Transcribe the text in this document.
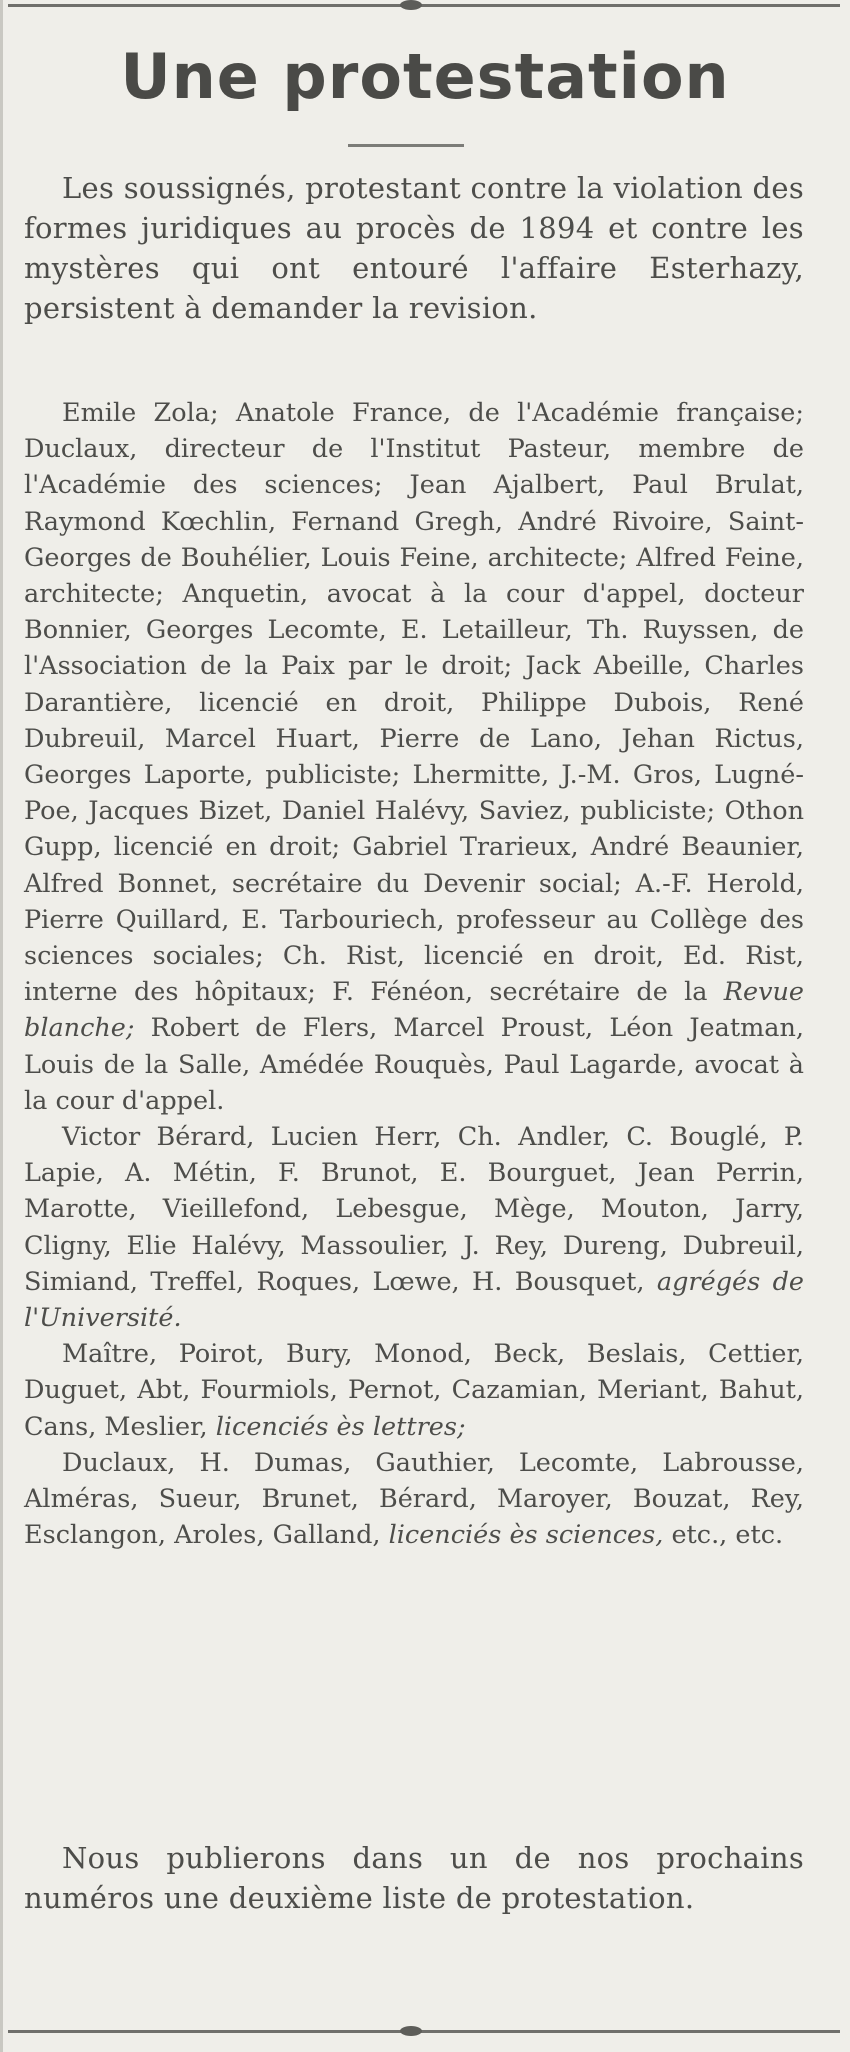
Une protestation

Les soussignés, protestant contre la violation des formes juridiques au procès de 1894 et contre les mystères qui ont entouré l'affaire Esterhazy, persistent à demander la revision.

Emile Zola; Anatole France, de l'Académie française; Duclaux, directeur de l'Institut Pasteur, membre de l'Académie des sciences; Jean Ajalbert, Paul Brulat, Raymond Kœchlin, Fernand Gregh, André Rivoire, Saint-Georges de Bouhélier, Louis Feine, architecte; Alfred Feine, architecte; Anquetin, avocat à la cour d'appel, docteur Bonnier, Georges Lecomte, E. Letailleur, Th. Ruyssen, de l'Association de la Paix par le droit; Jack Abeille, Charles Darantière, licencié en droit, Philippe Dubois, René Dubreuil, Marcel Huart, Pierre de Lano, Jehan Rictus, Georges Laporte, publiciste; Lhermitte, J.-M. Gros, Lugné-Poe, Jacques Bizet, Daniel Halévy, Saviez, publiciste; Othon Gupp, licencié en droit; Gabriel Trarieux, André Beaunier, Alfred Bonnet, secrétaire du Devenir social; A.-F. Herold, Pierre Quillard, E. Tarbouriech, professeur au Collège des sciences sociales; Ch. Rist, licencié en droit, Ed. Rist, interne des hôpitaux; F. Fénéon, secrétaire de la Revue blanche; Robert de Flers, Marcel Proust, Léon Jeatman, Louis de la Salle, Amédée Rouquès, Paul Lagarde, avocat à la cour d'appel.

Victor Bérard, Lucien Herr, Ch. Andler, C. Bouglé, P. Lapie, A. Métin, F. Brunot, E. Bourguet, Jean Perrin, Marotte, Vieillefond, Lebesgue, Mège, Mouton, Jarry, Cligny, Elie Halévy, Massoulier, J. Rey, Dureng, Dubreuil, Simiand, Treffel, Roques, Lœwe, H. Bousquet, agrégés de l'Université.

Maître, Poirot, Bury, Monod, Beck, Beslais, Cettier, Duguet, Abt, Fourmiols, Pernot, Cazamian, Meriant, Bahut, Cans, Meslier, licenciés ès lettres;

Duclaux, H. Dumas, Gauthier, Lecomte, Labrousse, Alméras, Sueur, Brunet, Bérard, Maroyer, Bouzat, Rey, Esclangon, Aroles, Galland, licenciés ès sciences, etc., etc.

Nous publierons dans un de nos prochains numéros une deuxième liste de protestation.
